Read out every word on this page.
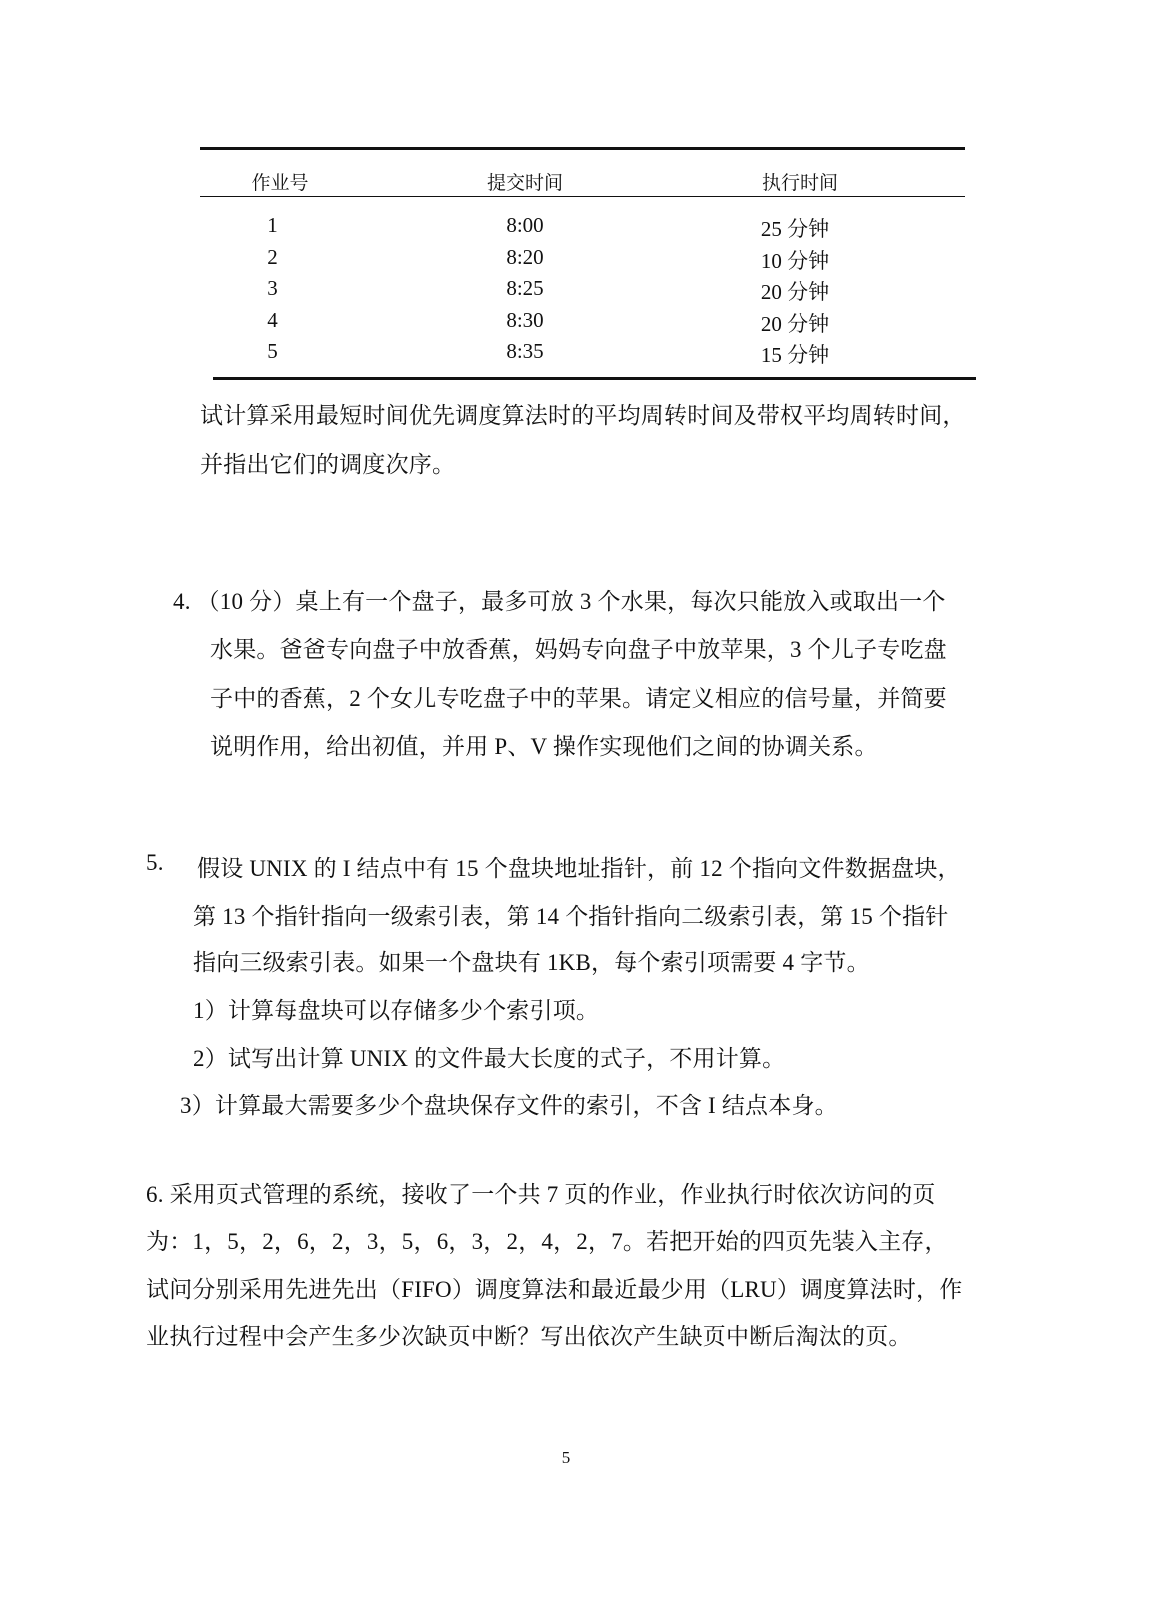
作业号	提交时间	执行时间
1	8:00	25 分钟
2	8:20	10 分钟
3	8:25	20 分钟
4	8:30	20 分钟
5	8:35	15 分钟
试计算采用最短时间优先调度算法时的平均周转时间及带权平均周转时间，
并指出它们的调度次序。
4. （10 分）桌上有一个盘子，最多可放 3 个水果，每次只能放入或取出一个
水果。爸爸专向盘子中放香蕉，妈妈专向盘子中放苹果，3 个儿子专吃盘
子中的香蕉，2 个女儿专吃盘子中的苹果。请定义相应的信号量，并简要
说明作用，给出初值，并用 P、V 操作实现他们之间的协调关系。
5. 假设 UNIX 的 I 结点中有 15 个盘块地址指针，前 12 个指向文件数据盘块，
第 13 个指针指向一级索引表，第 14 个指针指向二级索引表，第 15 个指针
指向三级索引表。如果一个盘块有 1KB，每个索引项需要 4 字节。
1）计算每盘块可以存储多少个索引项。
2）试写出计算 UNIX 的文件最大长度的式子，不用计算。
3）计算最大需要多少个盘块保存文件的索引，不含 I 结点本身。
6. 采用页式管理的系统，接收了一个共 7 页的作业，作业执行时依次访问的页
为：1，5，2，6，2，3，5，6，3，2，4，2，7。若把开始的四页先装入主存，
试问分别采用先进先出（FIFO）调度算法和最近最少用（LRU）调度算法时，作
业执行过程中会产生多少次缺页中断？写出依次产生缺页中断后淘汰的页。
5
